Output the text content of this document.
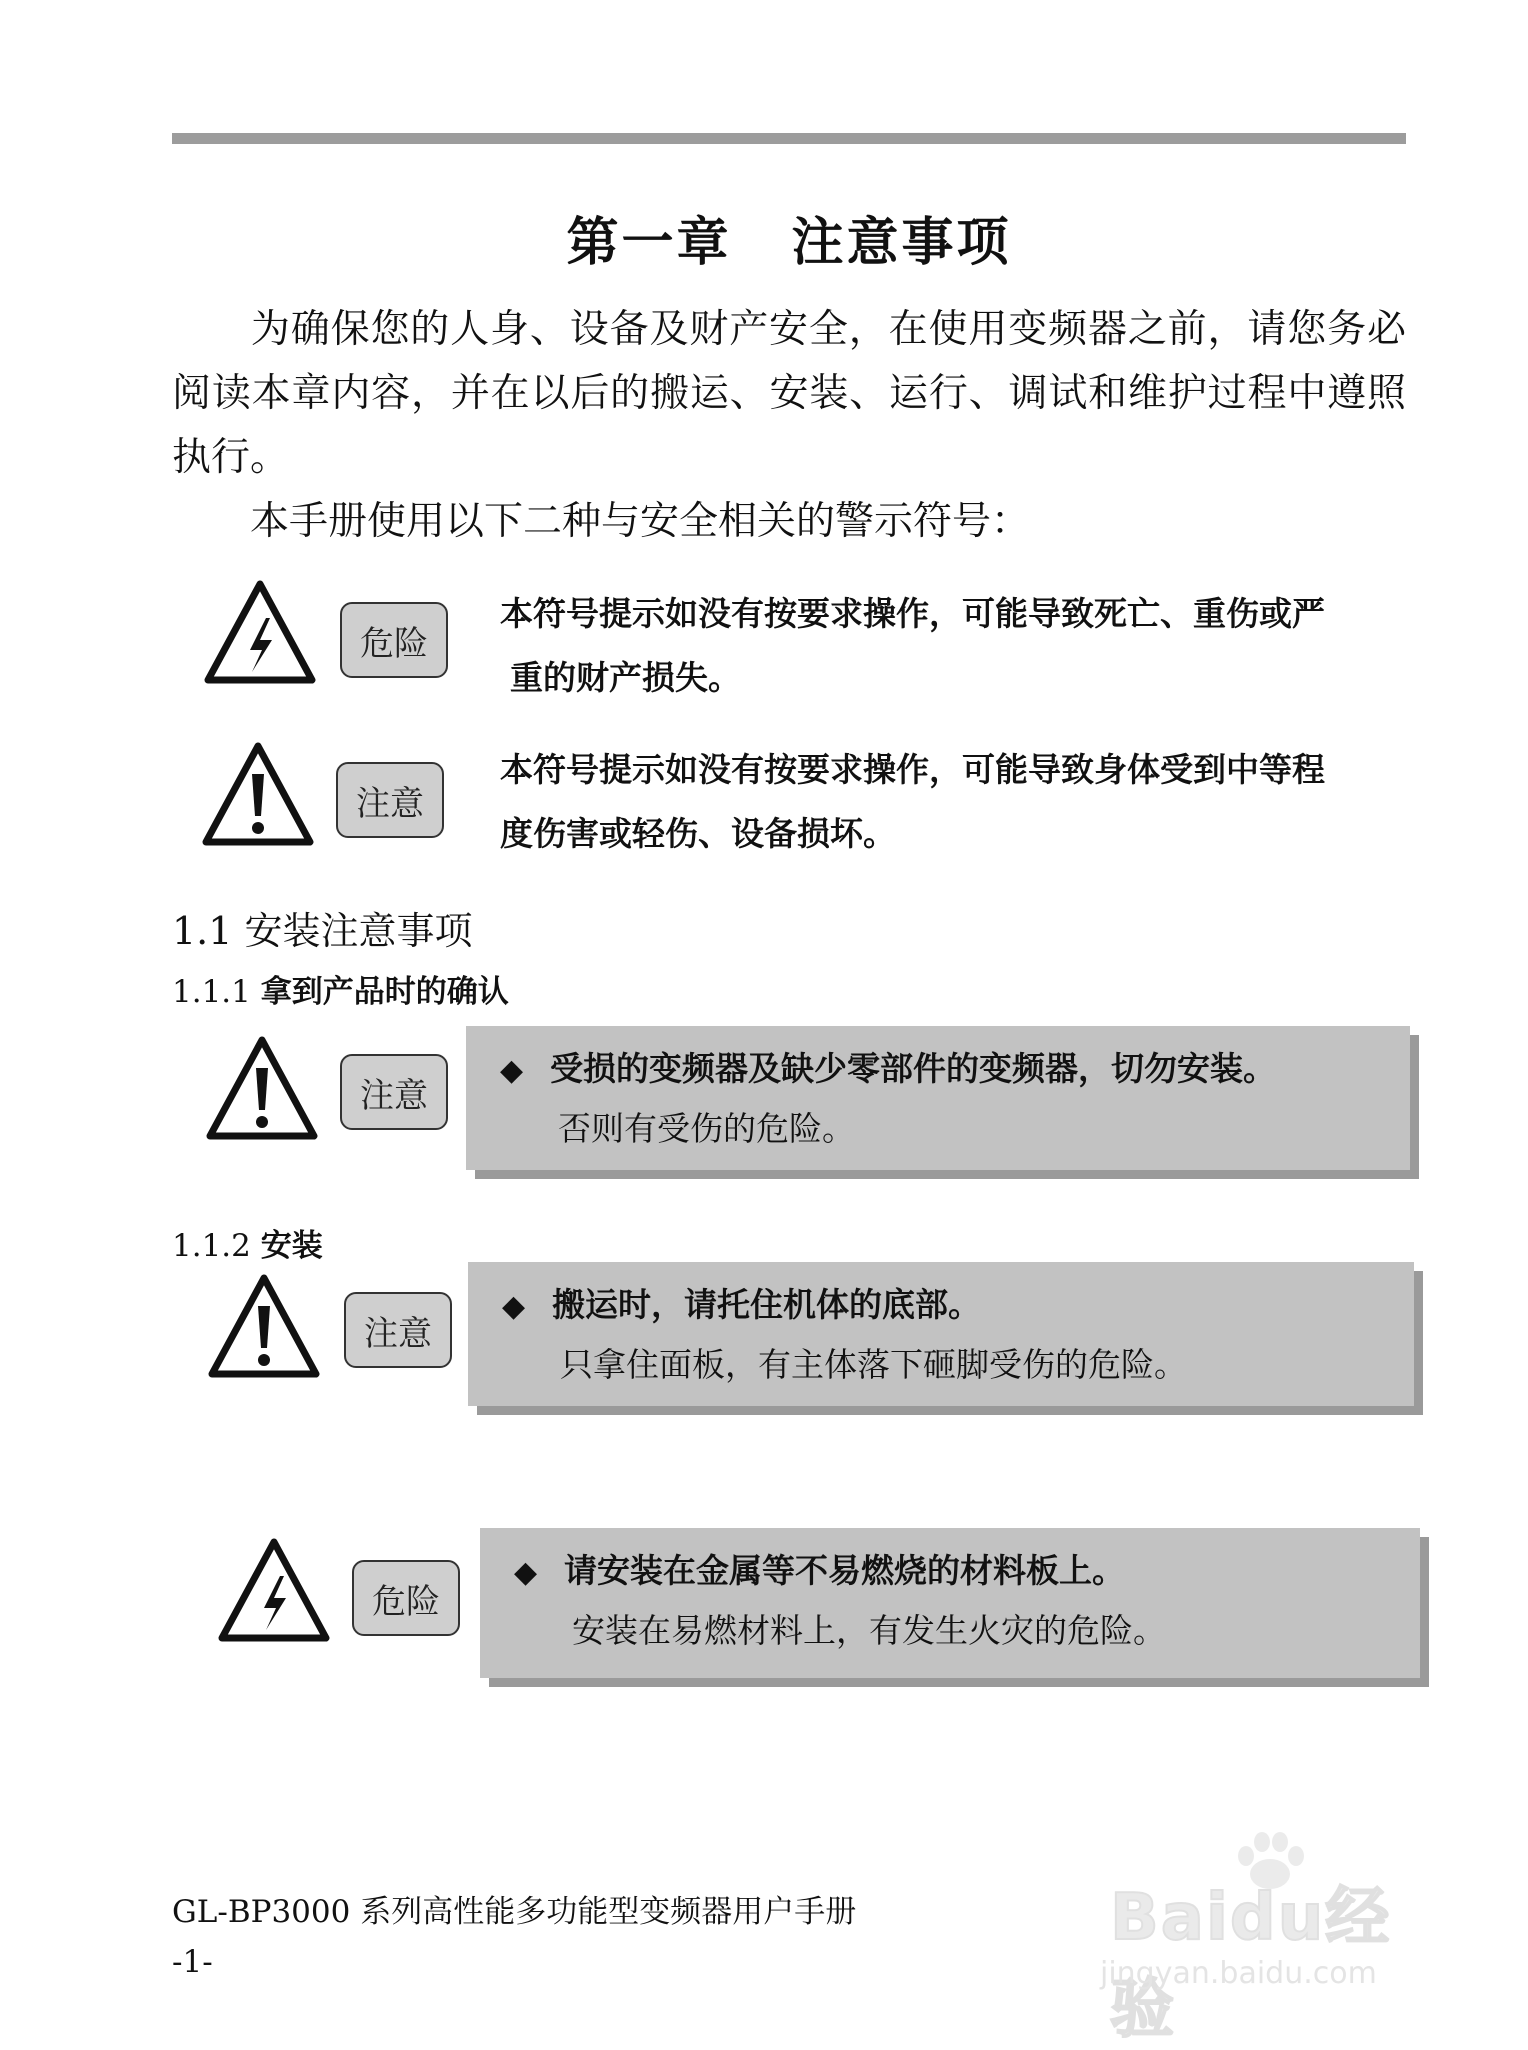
第一章 注意事项
为确保您的人身、设备及财产安全，在使用变频器之前，请您务必阅读本章内容，并在以后的搬运、安装、运行、调试和维护过程中遵照执行。
本手册使用以下二种与安全相关的警示符号：
危险
本符号提示如没有按要求操作，可能导致死亡、重伤或严
重的财产损失。
注意
本符号提示如没有按要求操作，可能导致身体受到中等程
度伤害或轻伤、设备损坏。
1.1 安装注意事项
1.1.1 拿到产品时的确认
注意
◆ 受损的变频器及缺少零部件的变频器，切勿安装。
否则有受伤的危险。
1.1.2 安装
注意
◆ 搬运时，请托住机体的底部。
只拿住面板，有主体落下砸脚受伤的危险。
危险
◆ 请安装在金属等不易燃烧的材料板上。
安装在易燃材料上，有发生火灾的危险。
GL-BP3000 系列高性能多功能型变频器用户手册
-1-
Baidu经验
jingyan.baidu.com
